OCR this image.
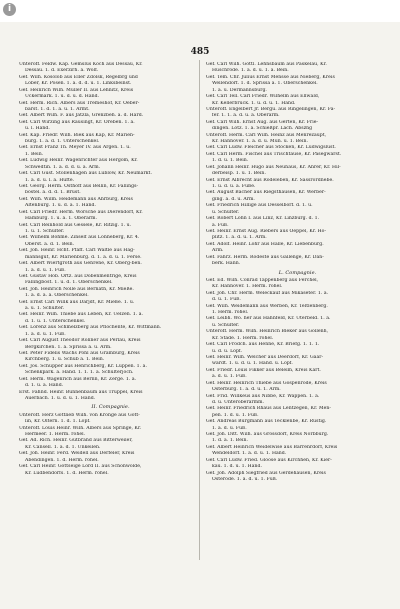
i
485
Unteroff. Feldw. Kap. Gemslus Koch aus Dessau, Kr.
Dessau. 1. d. Exerzirh. a. Wolf.
Gef. Wilh. Kosolob aus Eller Zdolsk, Regelbrg und
Löber, Kr. Posen. 1. a. d. d. u. 1. Linksbeinst.
Gef. Heinrich Wilh. Müller II. aus Lehnitz, Kreis
Uckermark. 1. u. d. u. d. Hand.
Gef. Herm. Rich. Albers aus Tremeshof, Kr. Oeber-
bärst. 1. d. 1. a. u. 1. Armt.
Gef. Albert Wilh. F. aus Jätzla, Grenzbeh. a. d. Hard.
Gef. Carl Wirzing aus Rausingt, Kr. Oreben. 1. a.
u. l. Hand.
Gef. Kap. Friedr. Wilh. Biek aus Kap, Kr. Marien-
burg. 1. a. d. 1. Unterschenkel.
Gef. Ernst Franz Th. Meyer IV. aus Argen. 1. u.
1. Bein.
Gef. Ludwig Heinr. Wagenrichter aus Hergom, Kr.
Schwedtin. 1. a. d. d. u. a. Arm.
Gef. Carl Gust. Stollenhagen aus Lüblow, Kr. Neumarkt.
1. a. d. u. l. a. Hüfte.
Gef. Georg. Herm. Osthoff aus Bellin, Kr. Fallings-
bostel. a. d. d. 1. Brust.
Gef. Wilh. Wilm. Heidemann aus Ahrburg, Kreis
Altenburg. 1. u. d. a. 1. Hand.
Gef. Carl Friedr. Herm. Wörsche aus Dierendorf, Kr.
Hamburg. 1. u. a. 1. Oberarm.
Gef. Carl Reinhold aus Gessele, Kr. Ritzig. 1. u.
1. u. 1. Schulter.
Gef. Wilhelm Böhme. Zinself aus Lonneberg, Kr. 4.
Oberst. a. d. 1. Bein.
Gef. Joh. Heinr. Hcht. Pfaff. Carl Wältle aus Hag-
mannsgut, Kr. Marienburg. d. 1. a. d. u. 1. Ferse.
Gef. Albert Wiertgroth aus Gehrene, Kr. Oberg-ben.
1. a. d. u. 1. Fuß.
Gef. Gustav Hob. Ortz. aus Dobenmentrige, Kreis
Fallingbost. 1. u. d. 1. Oberschenkel.
Gef. Joh. Heinrich Nölle aus Bernath, Kr. Mieße.
1. a. d. a. a. Oberschenkel.
Gef. Ernst Carl Willk aus Darjdt, Kr. Mieße. 1. u.
a. u. 1. Schulter.
Gef. Heinr. Wilh. Thiebe aus Leben, Kr. Uelzen. 1. a.
d. 1. u. 1. Unterschenkel.
Gef. Lorenz aus Schmelzberg aus Pflochente, Kr. Wittmann.
1. a. d. u. 1. Fuß.
Gef. Carl August Theodor Roliner aus Perlau, Kreis
Bergkirchen. 1. a. Sprissa a. u. Arm.
Gef. Peter Fidelis Wachs Pohl aus Gramburg, Kreis
Kirchberg. 1. u. Schub a. 1. Bein.
Gef. Jos. Schupper aus Henrichberg, Kr. Luppen. 1. a.
Schenkpark. a. Hand. 1. 1. 1. a. Schulterjoch.
Gef. Herm. Wagenrich aus Bernn, Kr. Zerge. 1. a.
d. 1. u. a. Hand.
Erst. Fahnd. Heinr. Bunnenbaum aus Trüppel, Kreis
Auerbach. 1. u. d. u. 1. Hand.
II. Compagnie.
Unteroff. Herz Gottlieb Wilh. von Kronge aus Gott-
lin, Kr. Oltern. 1. d. 1. Lopf.
Unteroff. Louis Heinr. Wilh. Albers aus Springe, Kr.
Hermeer. 1. Herm. rohel.
Gef. Ad. Rich. Heinr. Gutbrand aus Bitterweiler,
Kr. Cansell. 1. a. d. 1. Unkeilen.
Gef. Joh. Heinr. Ferd. Weidell aus Derfeler, Kreis
Abendingen. 1. d. Herm. rohel.
Gef. Carl Heinr. Gottseige Lord II. aus Schönwolde,
Kr. Lüdbendorfs. 1. d. Herm. rohel.
Gef. Carl Wilh. Gottl. Lehnsbaum aus Paskelau, Kr.
Huschrode. 1. a. d. u. 1. a. Bein.
Gef. Tem. Chr. Julius Ernst Mensse aus Nieberg, Kreis
Wellendorf. 1. d. Sprissa a. 1. Oberschenkel.
1. a. u. Dermannsburg.
Gef. Carl Tell. Carl Friedr. Wilhelm aus Ellwald,
Kr. Kellerbrück. 1. u. d. u. 1. Hand.
Unteroff. Engelbert Jr. Bergu. aus Ringelingen, Kr. Fa-
fer. 1. 1. a. d. u. a. Oberarm.
Gef. Carl Wilh. Ernst Aug. aus Gerten, Kr. Frie-
dingen. Lotz. 1. a. Schießpr. Lach. Abszng
Unteroff. Herm. Carl Wilh. Heinz aus Menrezaupt,
Kr. Hannover. 1. a. d. u. Mün. u. 1. Bein.
Gef. Carl Ludw. Fleicher aus Stöcken, Kr. Ludwigslust.
Gef. Carl Herm. Fischel aus Trischtause, Kr. Pasegwarst.
1. d. u. 1. Bein.
Gef. Johann Heinr. Hugo aus Neuhaus, Kr. Ahrer, Kr. Hil-
derbeisp. 1. u. 1. Bein.
Gef. Ernst Albrecht aus Rodeleben, Kr. Sassrordnebe.
1. u. d. u. a. Füße.
Gef. August Bächer aus Riegsthausen, Kr. Werber-
ging. a. d. u. Arm.
Gef. Friedrich Hillige aus Desselborf. d. 1. u.
u. Schulter.
Gef. Robert Löhn I. aus Linz, Kr. Linzburg. d. 1.
a. Fuß.
Gef. Heinr. Ernst Aug. Riebers aus Oeppel, Kr. Ho-
plitz. 1. a. d. u. 1. Arm.
Gef. Adolf. Heinr. Löhr aus Halle, Kr. Liebenburg.
Arm.
Gef. Fahrz. Herm. Rodeste aus Gallenge, Kr. Dan-
berk. Hann.
L. Compagnie.
Gef. Ed. Wilh. Conrad Tappenberg aus Ferchel,
Kr. Hannover. 1. Herm. rohel.
Gef. Joh. Chr. Herm. Weleckauf aus Mikaseter. 1. a.
d. u. 1. Fuß.
Gef. Wilh. Weidemann aus Werben, Kr. Teltlenberg.
1. Herm. rohel.
Gef. Leibh. Wo. her aus Hahnfeld, Kr. Uterbeld. 1. a.
u. Schulter.
Unteroff. Herm. Wilh. Heinrich Bleker aus Gollenh,
Kr. Stade. 1. Herm. rohel.
Gef. Carl Frodch. aus Henne, Kr. Briefg. 1. 1. 1.
u. d. u. Lopf.
Gef. Heinr. Wilh. Welcher aus Deerdorf, Kr. Gaar-
wardt. 1. u. d. u. 1. Hand. u. Lopf.
Gef. Friedr. Louis Fikker aus Beleim, Kreis Kart.
a. d. u. 1. Fuß.
Gef. Heinr. Heinrich Thiebe aus Gospenrode, Kreis
Osterburg. 1. a. d. u. 1. Arm.
Gef. Frid. Willkeus aus Nibbe, Kr. Wappen. 1. a.
d. u. Unteroberarmm.
Gef. Heinr. Friedrich Rhaus aus Lentzegen, Kr. Men-
pen. 1. d. u. 1. Fuß.
Gef. Andreas Burgmann aus Tecklenbe, Kr. Rüstig.
1. a. d. u. Fuß.
Gef. Joh. Ditt. Wilh. aus Grossdorf, Kreis Norbburg.
1. d. a. 1. Bein.
Gef. Albert Heinrich Weidelwise aus Barrenrdorf, Kreis
Wendeldorf. 1. a. d. u. 1. Hand.
Gef. Carl Ludw. Fried. Gloose aus Kirchhen, Kr. Kier-
kau. 1. d. u. 1. Hand.
Gef. Joh. Adolph Siegfried aus Gerdehausen, Kreis
Osterode. 1. a. d. u. 1. Fuß.
